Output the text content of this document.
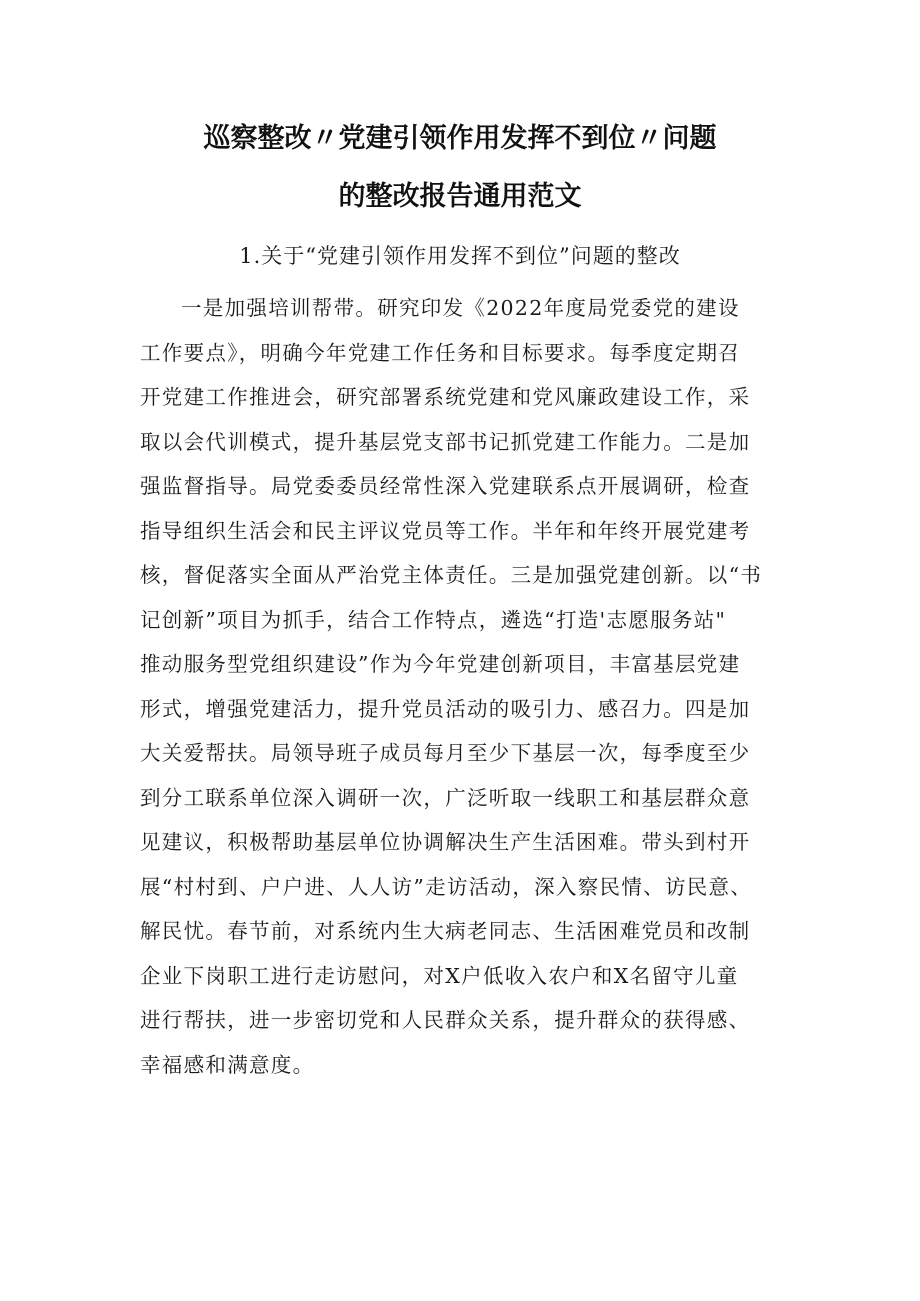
巡察整改〃党建引领作用发挥不到位〃问题
的整改报告通用范文
1.关于“党建引领作用发挥不到位”问题的整改
一是加强培训帮带。研究印发《2022年度局党委党的建设
工作要点》，明确今年党建工作任务和目标要求。每季度定期召
开党建工作推进会，研究部署系统党建和党风廉政建设工作，采
取以会代训模式，提升基层党支部书记抓党建工作能力。二是加
强监督指导。局党委委员经常性深入党建联系点开展调研，检查
指导组织生活会和民主评议党员等工作。半年和年终开展党建考
核，督促落实全面从严治党主体责任。三是加强党建创新。以“书
记创新”项目为抓手，结合工作特点，遴选“打造'志愿服务站"
推动服务型党组织建设”作为今年党建创新项目，丰富基层党建
形式，增强党建活力，提升党员活动的吸引力、感召力。四是加
大关爱帮扶。局领导班子成员每月至少下基层一次，每季度至少
到分工联系单位深入调研一次，广泛听取一线职工和基层群众意
见建议，积极帮助基层单位协调解决生产生活困难。带头到村开
展“村村到、户户进、人人访”走访活动，深入察民情、访民意、
解民忧。春节前，对系统内生大病老同志、生活困难党员和改制
企业下岗职工进行走访慰问，对X户低收入农户和X名留守儿童
进行帮扶，进一步密切党和人民群众关系，提升群众的获得感、
幸福感和满意度。
